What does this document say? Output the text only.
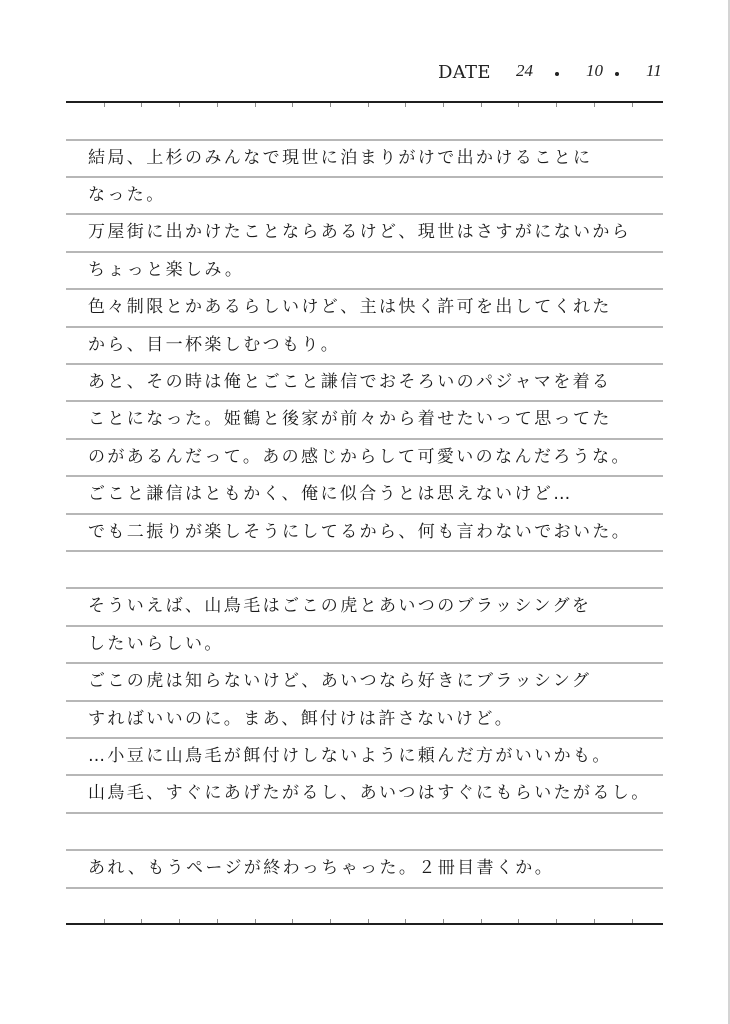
DATE 24	10	11
結局、上杉のみんなで現世に泊まりがけで出かけることに
なった。
万屋街に出かけたことならあるけど、現世はさすがにないから
ちょっと楽しみ。
色々制限とかあるらしいけど、主は快く許可を出してくれた
から、目一杯楽しむつもり。
あと、その時は俺とごこと謙信でおそろいのパジャマを着る
ことになった。姫鶴と後家が前々から着せたいって思ってた
のがあるんだって。あの感じからして可愛いのなんだろうな。
ごこと謙信はともかく、俺に似合うとは思えないけど…
でも二振りが楽しそうにしてるから、何も言わないでおいた。
そういえば、山鳥毛はごこの虎とあいつのブラッシングを
したいらしい。
ごこの虎は知らないけど、あいつなら好きにブラッシング
すればいいのに。まあ、餌付けは許さないけど。
…小豆に山鳥毛が餌付けしないように頼んだ方がいいかも。
山鳥毛、すぐにあげたがるし、あいつはすぐにもらいたがるし。
あれ、もうページが終わっちゃった。２冊目書くか。
